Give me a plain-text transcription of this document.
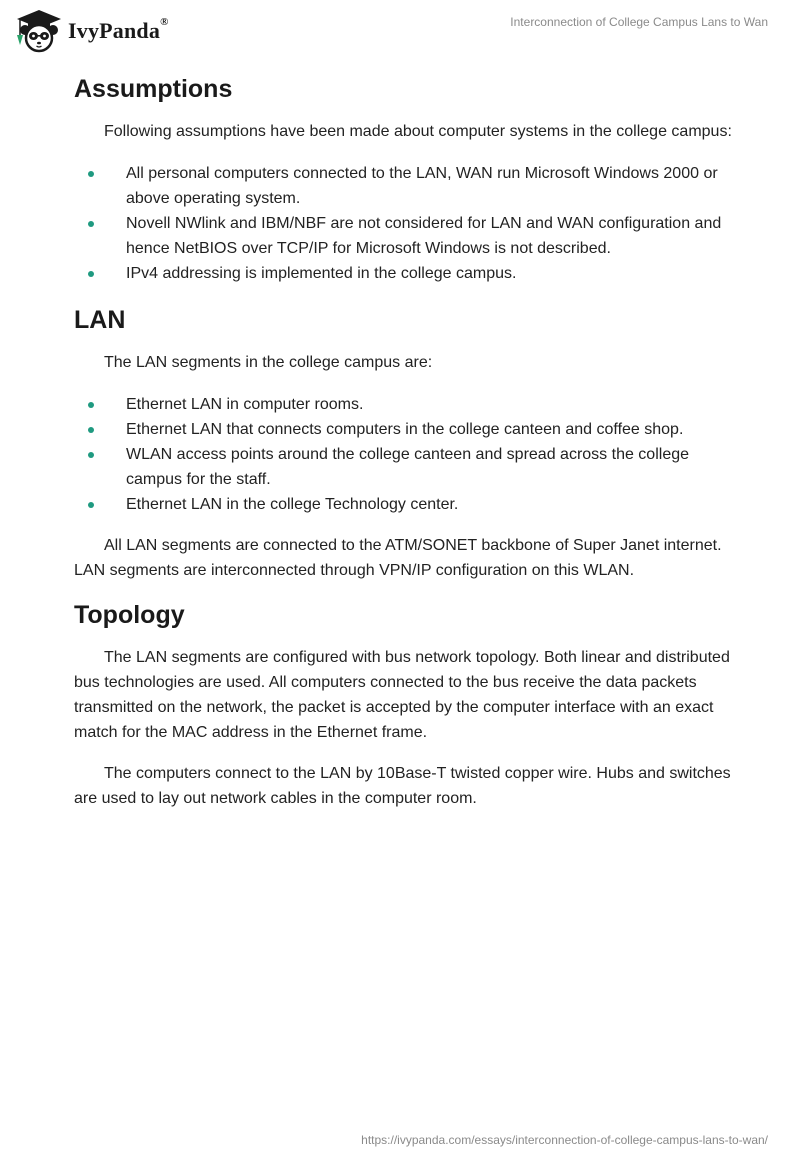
IvyPanda®	Interconnection of College Campus Lans to Wan
Assumptions

Following assumptions have been made about computer systems in the college campus:

All personal computers connected to the LAN, WAN run Microsoft Windows 2000 or above operating system.
Novell NWlink and IBM/NBF are not considered for LAN and WAN configuration and hence NetBIOS over TCP/IP for Microsoft Windows is not described.
IPv4 addressing is implemented in the college campus.
LAN

The LAN segments in the college campus are:

Ethernet LAN in computer rooms.
Ethernet LAN that connects computers in the college canteen and coffee shop.
WLAN access points around the college canteen and spread across the college campus for the staff.
Ethernet LAN in the college Technology center.

All LAN segments are connected to the ATM/SONET backbone of Super Janet internet. LAN segments are interconnected through VPN/IP configuration on this WLAN.

Topology

The LAN segments are configured with bus network topology. Both linear and distributed bus technologies are used. All computers connected to the bus receive the data packets transmitted on the network, the packet is accepted by the computer interface with an exact match for the MAC address in the Ethernet frame.

The computers connect to the LAN by 10Base-T twisted copper wire. Hubs and switches are used to lay out network cables in the computer room.

https://ivypanda.com/essays/interconnection-of-college-campus-lans-to-wan/
